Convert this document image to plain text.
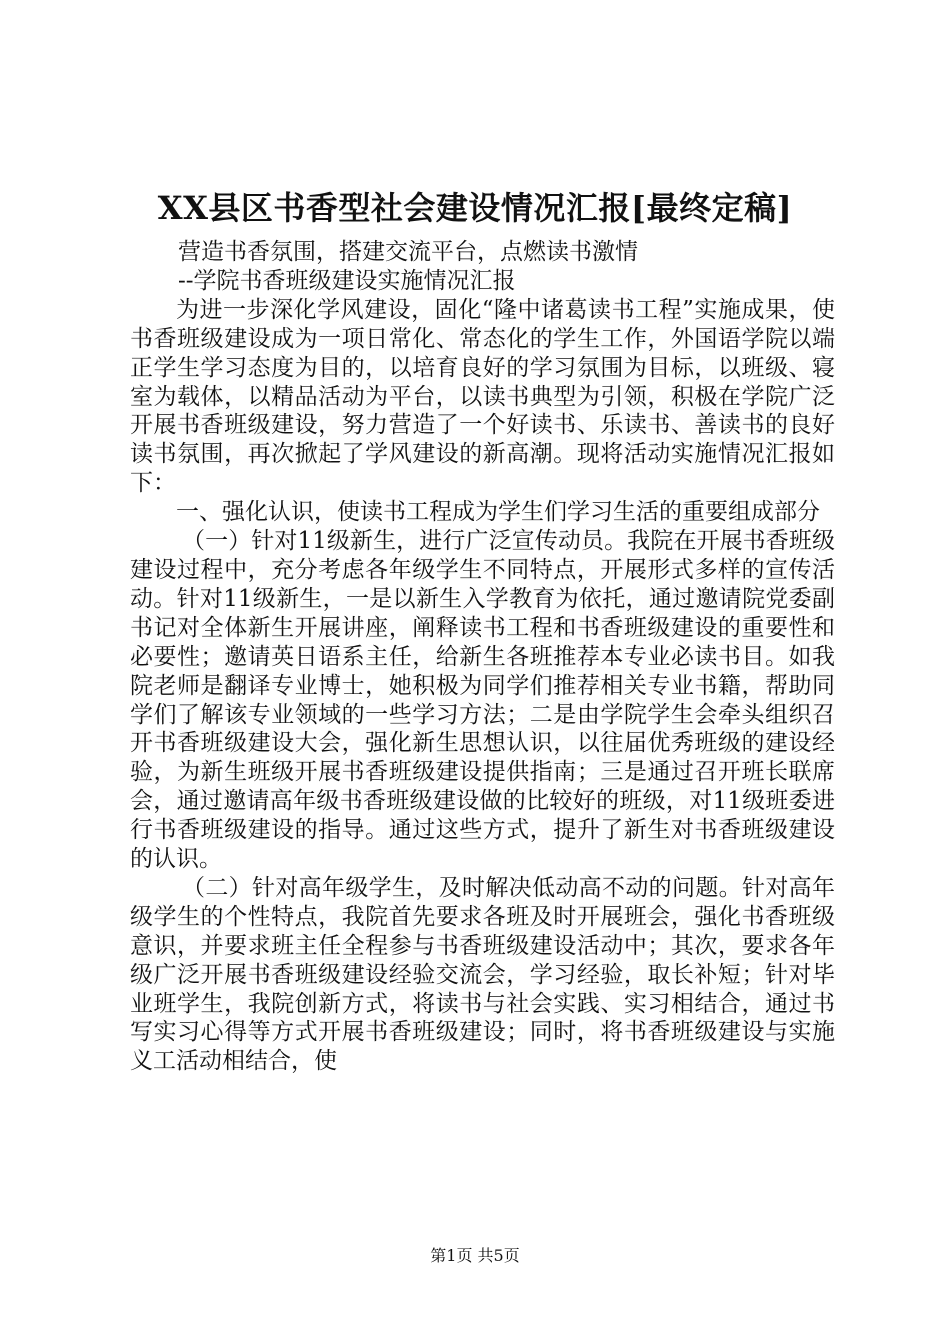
XX县区书香型社会建设情况汇报[最终定稿]

营造书香氛围，搭建交流平台，点燃读书激情

--学院书香班级建设实施情况汇报

为进一步深化学风建设，固化“隆中诸葛读书工程”实施成果，使书香班级建设成为一项日常化、常态化的学生工作，外国语学院以端正学生学习态度为目的，以培育良好的学习氛围为目标，以班级、寝室为载体，以精品活动为平台，以读书典型为引领，积极在学院广泛开展书香班级建设，努力营造了一个好读书、乐读书、善读书的良好读书氛围，再次掀起了学风建设的新高潮。现将活动实施情况汇报如下：

一、强化认识，使读书工程成为学生们学习生活的重要组成部分

（一）针对11级新生，进行广泛宣传动员。我院在开展书香班级建设过程中，充分考虑各年级学生不同特点，开展形式多样的宣传活动。针对11级新生，一是以新生入学教育为依托，通过邀请院党委副书记对全体新生开展讲座，阐释读书工程和书香班级建设的重要性和必要性；邀请英日语系主任，给新生各班推荐本专业必读书目。如我院老师是翻译专业博士，她积极为同学们推荐相关专业书籍，帮助同学们了解该专业领域的一些学习方法；二是由学院学生会牵头组织召开书香班级建设大会，强化新生思想认识，以往届优秀班级的建设经验，为新生班级开展书香班级建设提供指南；三是通过召开班长联席会，通过邀请高年级书香班级建设做的比较好的班级，对11级班委进行书香班级建设的指导。通过这些方式，提升了新生对书香班级建设的认识。

（二）针对高年级学生，及时解决低动高不动的问题。针对高年级学生的个性特点，我院首先要求各班及时开展班会，强化书香班级意识，并要求班主任全程参与书香班级建设活动中；其次，要求各年级广泛开展书香班级建设经验交流会，学习经验，取长补短；针对毕业班学生，我院创新方式，将读书与社会实践、实习相结合，通过书写实习心得等方式开展书香班级建设；同时，将书香班级建设与实施义工活动相结合，使

第1页 共5页
